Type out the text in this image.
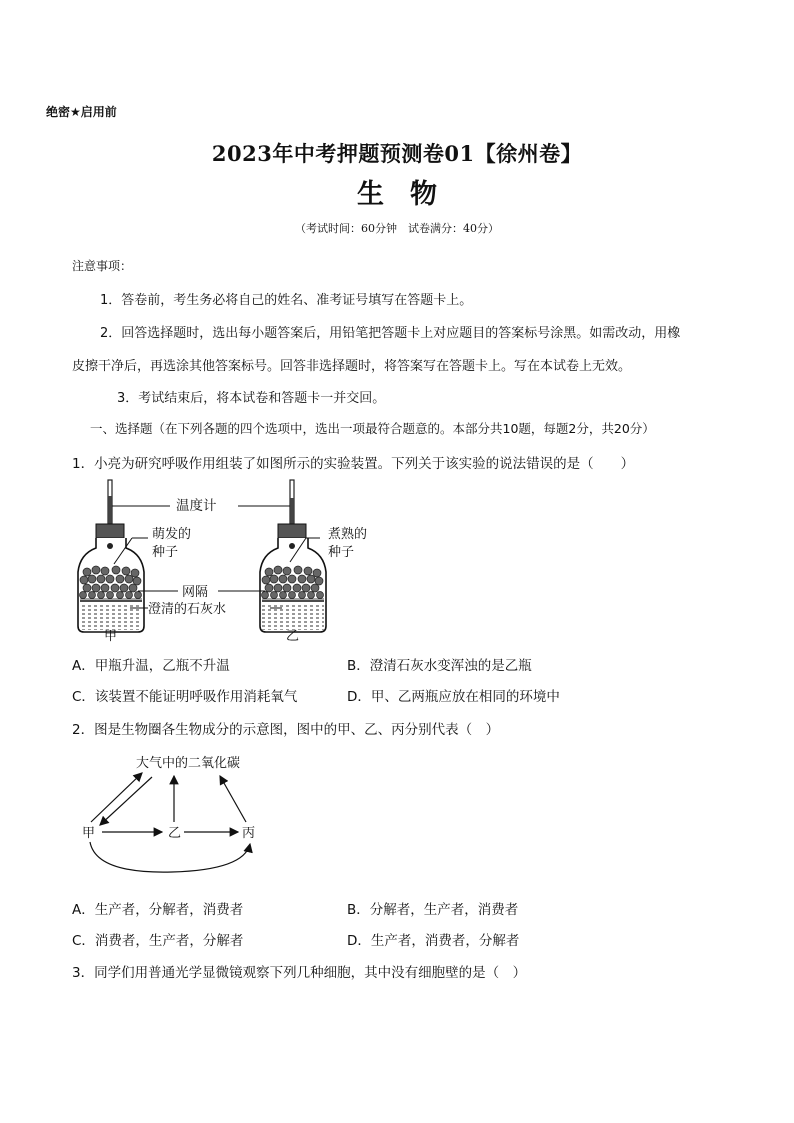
绝密★启用前
2023年中考押题预测卷01【徐州卷】
生物
（考试时间：60分钟　试卷满分：40分）
注意事项：
1．答卷前，考生务必将自己的姓名、准考证号填写在答题卡上。
2．回答选择题时，选出每小题答案后，用铅笔把答题卡上对应题目的答案标号涂黑。如需改动，用橡
皮擦干净后，再选涂其他答案标号。回答非选择题时，将答案写在答题卡上。写在本试卷上无效。
3．考试结束后，将本试卷和答题卡一并交回。
一、选择题（在下列各题的四个选项中，选出一项最符合题意的。本部分共10题，每题2分，共20分）
1．小亮为研究呼吸作用组装了如图所示的实验装置。下列关于该实验的说法错误的是（　　）
温度计
萌发的
种子
煮熟的
种子
网隔
澄清的石灰水
甲	乙
A．甲瓶升温，乙瓶不升温	B．澄清石灰水变浑浊的是乙瓶
C．该装置不能证明呼吸作用消耗氧气	D．甲、乙两瓶应放在相同的环境中
2．图是生物圈各生物成分的示意图，图中的甲、乙、丙分别代表（　）
大气中的二氧化碳
甲	乙	丙
A．生产者，分解者，消费者	B．分解者，生产者，消费者
C．消费者，生产者，分解者	D．生产者，消费者，分解者
3．同学们用普通光学显微镜观察下列几种细胞，其中没有细胞壁的是（　）
